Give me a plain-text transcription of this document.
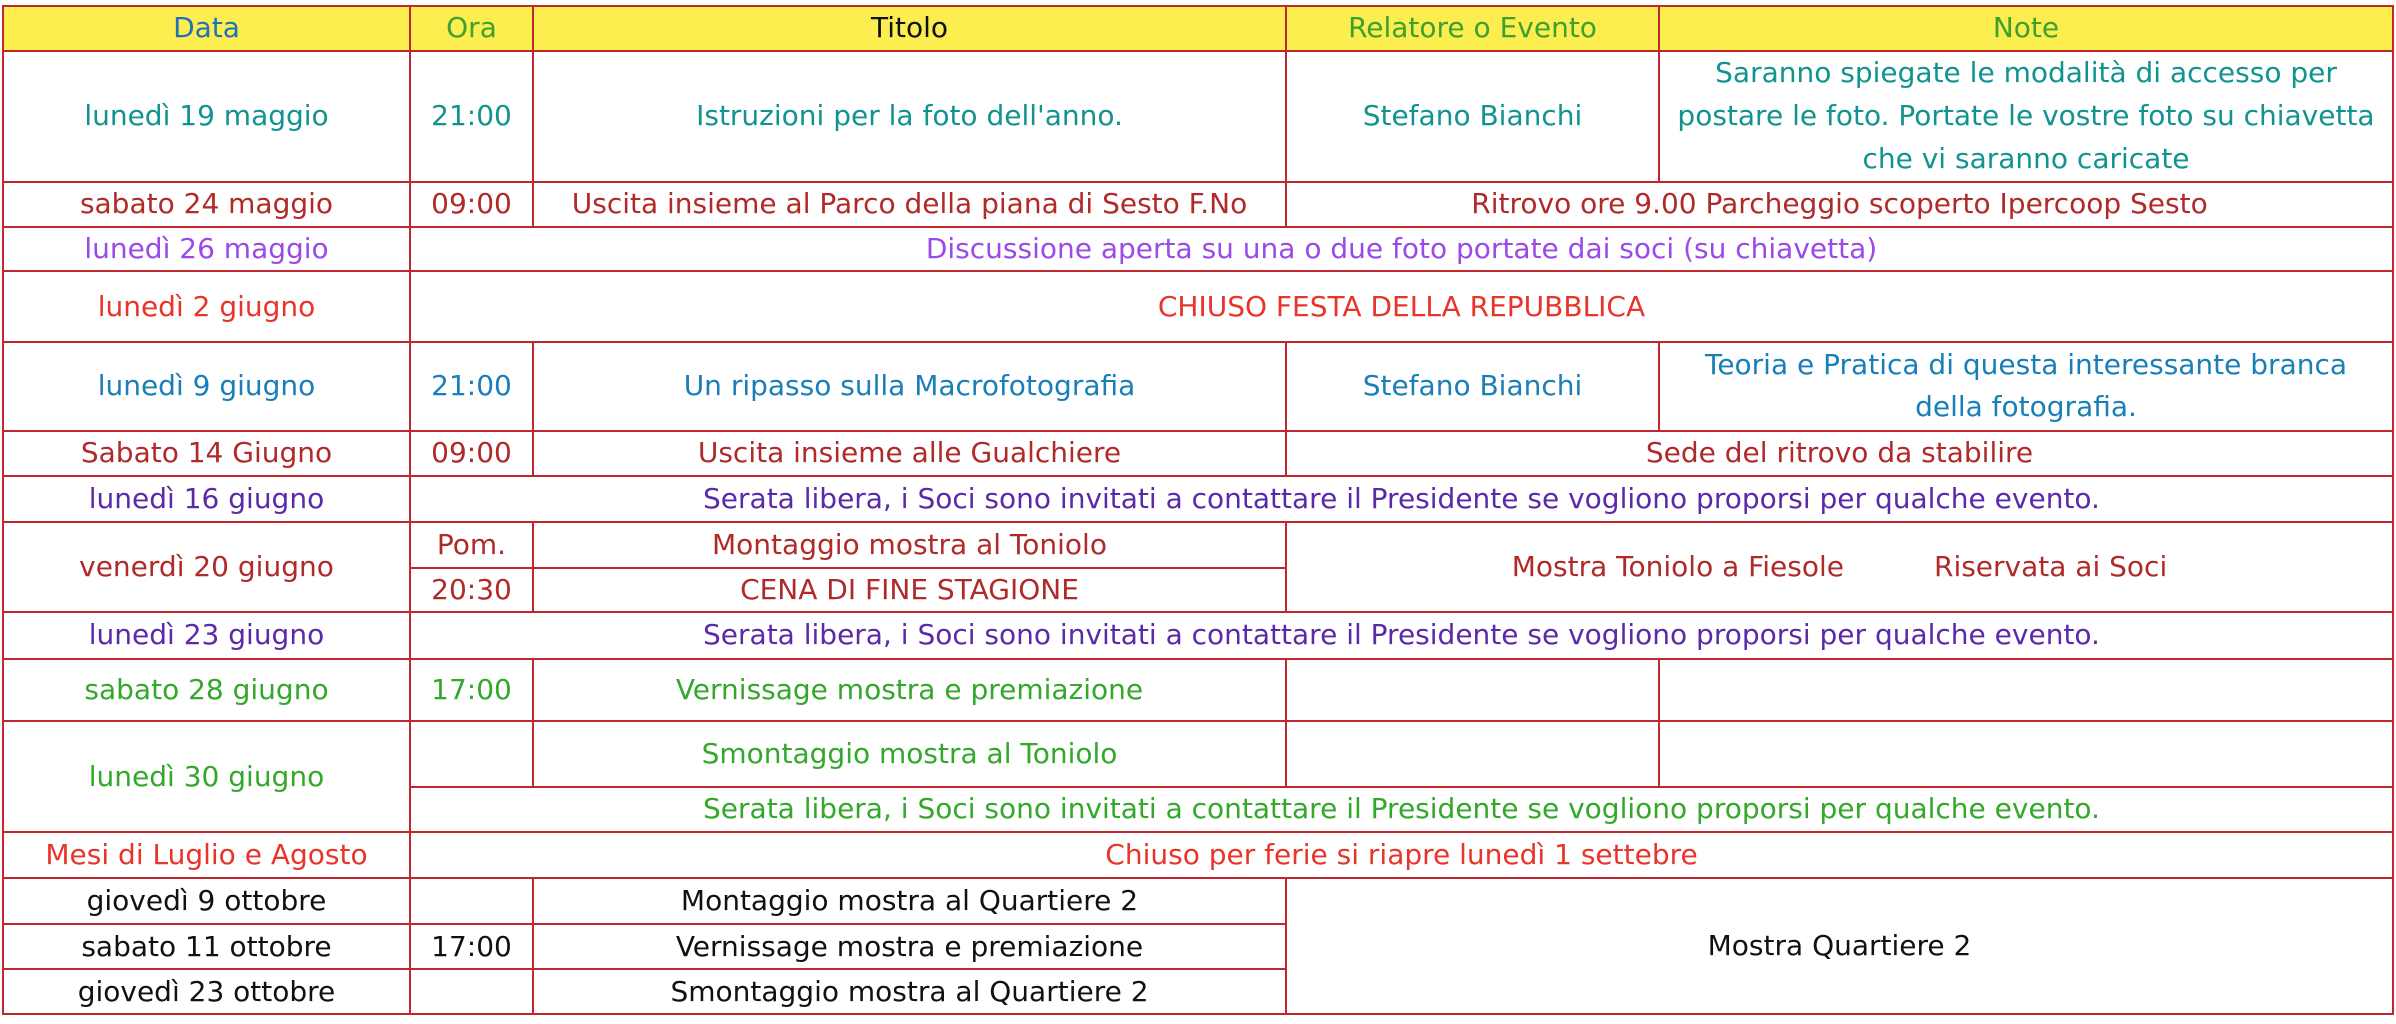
Data	Ora	Titolo	Relatore o Evento	Note
lunedì 19 maggio	21:00	Istruzioni per la foto dell'anno.	Stefano Bianchi	Saranno spiegate le modalità di accesso per postare le foto. Portate le vostre foto su chiavetta che vi saranno caricate
sabato 24 maggio	09:00	Uscita insieme al Parco della piana di Sesto F.No	Ritrovo ore 9.00 Parcheggio scoperto Ipercoop Sesto	
lunedì 26 maggio	Discussione aperta su una o due foto portate dai soci (su chiavetta)			
lunedì 2 giugno	CHIUSO FESTA DELLA REPUBBLICA			
lunedì 9 giugno	21:00	Un ripasso sulla Macrofotografia	Stefano Bianchi	Teoria e Pratica di questa interessante branca della fotografia.
Sabato 14 Giugno	09:00	Uscita insieme alle Gualchiere	Sede del ritrovo da stabilire	
lunedì 16 giugno	Serata libera, i Soci sono invitati a contattare il Presidente se vogliono proporsi per qualche evento.			
venerdì 20 giugno	Pom.	Montaggio mostra al Toniolo	Mostra Toniolo a Fiesole Riservata ai Soci	
	20:30	CENA DI FINE STAGIONE		
lunedì 23 giugno	Serata libera, i Soci sono invitati a contattare il Presidente se vogliono proporsi per qualche evento.			
sabato 28 giugno	17:00	Vernissage mostra e premiazione		
lunedì 30 giugno		Smontaggio mostra al Toniolo		
	Serata libera, i Soci sono invitati a contattare il Presidente se vogliono proporsi per qualche evento.			
Mesi di Luglio e Agosto	Chiuso per ferie si riapre lunedì 1 settebre			
giovedì 9 ottobre		Montaggio mostra al Quartiere 2	Mostra Quartiere 2	
sabato 11 ottobre	17:00	Vernissage mostra e premiazione		
giovedì 23 ottobre		Smontaggio mostra al Quartiere 2		
